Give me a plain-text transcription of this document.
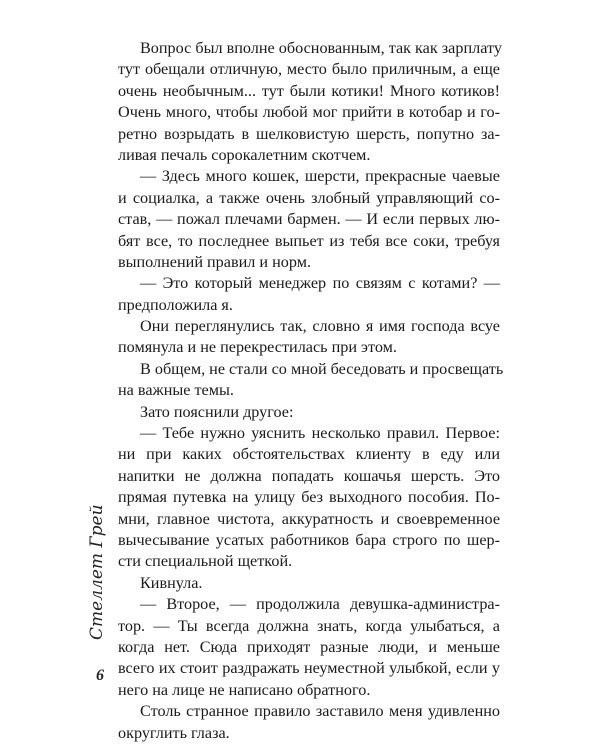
Вопрос был вполне обоснованным, так как зарплату
тут обещали отличную, место было приличным, а еще
очень необычным... тут были котики! Много котиков!
Очень много, чтобы любой мог прийти в котобар и го-
ретно возрыдать в шелковистую шерсть, попутно за-
ливая печаль сорокалетним скотчем.
— Здесь много кошек, шерсти, прекрасные чаевые
и социалка, а также очень злобный управляющий со-
став, — пожал плечами бармен. — И если первых лю-
бят все, то последнее выпьет из тебя все соки, требуя
выполнений правил и норм.
— Это который менеджер по связям с котами? —
предположила я.
Они переглянулись так, словно я имя господа всуе
помянула и не перекрестилась при этом.
В общем, не стали со мной беседовать и просвещать
на важные темы.
Зато пояснили другое:
— Тебе нужно уяснить несколько правил. Первое:
ни при каких обстоятельствах клиенту в еду или
напитки не должна попадать кошачья шерсть. Это
прямая путевка на улицу без выходного пособия. По-
мни, главное чистота, аккуратность и своевременное
вычесывание усатых работников бара строго по шер-
сти специальной щеткой.
Кивнула.
— Второе, — продолжила девушка-администра-
тор. — Ты всегда должна знать, когда улыбаться, а
когда нет. Сюда приходят разные люди, и меньше
всего их стоит раздражать неуместной улыбкой, если у
него на лице не написано обратного.
Столь странное правило заставило меня удивленно
округлить глаза.
Стеллет Грей
6
